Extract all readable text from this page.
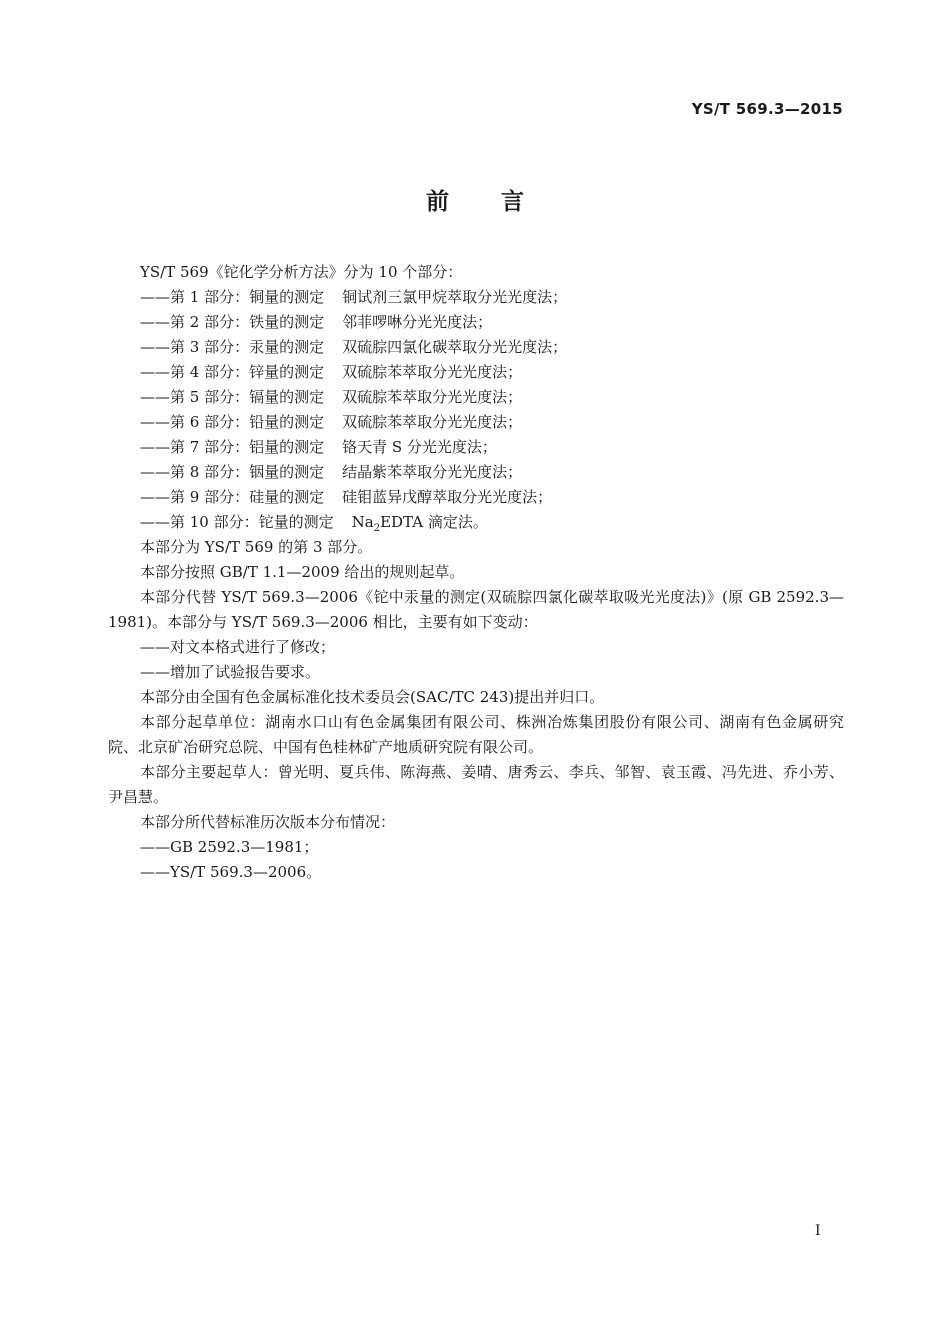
YS/T 569.3—2015
前言

YS/T 569《铊化学分析方法》分为 10 个部分：

——第 1 部分：铜量的测定 铜试剂三氯甲烷萃取分光光度法；
——第 2 部分：铁量的测定 邻菲啰啉分光光度法；
——第 3 部分：汞量的测定 双硫腙四氯化碳萃取分光光度法；
——第 4 部分：锌量的测定 双硫腙苯萃取分光光度法；
——第 5 部分：镉量的测定 双硫腙苯萃取分光光度法；
——第 6 部分：铅量的测定 双硫腙苯萃取分光光度法；
——第 7 部分：铝量的测定 铬天青 S 分光光度法；
——第 8 部分：铟量的测定 结晶紫苯萃取分光光度法；
——第 9 部分：硅量的测定 硅钼蓝异戊醇萃取分光光度法；
——第 10 部分：铊量的测定 $Na_2EDTA$ 滴定法。

本部分为 YS/T 569 的第 3 部分。

本部分按照 GB/T 1.1—2009 给出的规则起草。

本部分代替 YS/T 569.3—2006《铊中汞量的测定(双硫腙四氯化碳萃取吸光光度法)》(原 GB 2592.3—1981)。本部分与 YS/T 569.3—2006 相比，主要有如下变动：

——对文本格式进行了修改；
——增加了试验报告要求。

本部分由全国有色金属标准化技术委员会(SAC/TC 243)提出并归口。

本部分起草单位：湖南水口山有色金属集团有限公司、株洲冶炼集团股份有限公司、湖南有色金属研究院、北京矿冶研究总院、中国有色桂林矿产地质研究院有限公司。

本部分主要起草人：曾光明、夏兵伟、陈海燕、姜晴、唐秀云、李兵、邹智、袁玉霞、冯先进、乔小芳、尹昌慧。

本部分所代替标准历次版本分布情况：

——GB 2592.3—1981；
——YS/T 569.3—2006。
I
